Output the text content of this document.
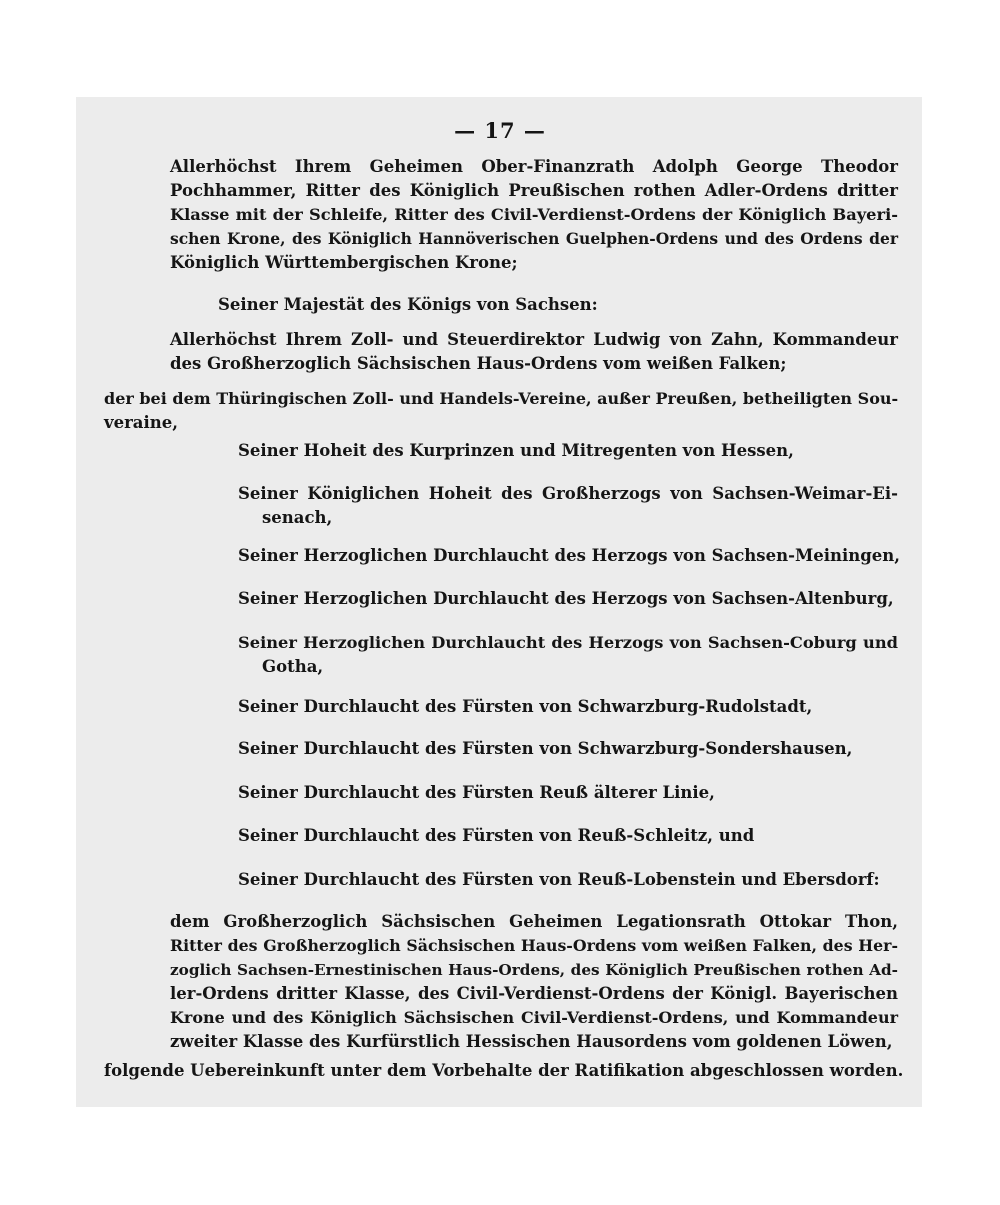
— 17 —
Allerhöchst Ihrem Geheimen Ober-Finanzrath Adolph George Theodor
Pochhammer, Ritter des Königlich Preußischen rothen Adler-Ordens dritter
Klasse mit der Schleife, Ritter des Civil-Verdienst-Ordens der Königlich Bayeri-
schen Krone, des Königlich Hannöverischen Guelphen-Ordens und des Ordens der
Königlich Württembergischen Krone;
Seiner Majestät des Königs von Sachsen:
Allerhöchst Ihrem Zoll- und Steuerdirektor Ludwig von Zahn, Kommandeur
des Großherzoglich Sächsischen Haus-Ordens vom weißen Falken;
der bei dem Thüringischen Zoll- und Handels-Vereine, außer Preußen, betheiligten Sou-
veraine,
Seiner Hoheit des Kurprinzen und Mitregenten von Hessen,
Seiner Königlichen Hoheit des Großherzogs von Sachsen-Weimar-Ei-
senach,
Seiner Herzoglichen Durchlaucht des Herzogs von Sachsen-Meiningen,
Seiner Herzoglichen Durchlaucht des Herzogs von Sachsen-Altenburg,
Seiner Herzoglichen Durchlaucht des Herzogs von Sachsen-Coburg und
Gotha,
Seiner Durchlaucht des Fürsten von Schwarzburg-Rudolstadt,
Seiner Durchlaucht des Fürsten von Schwarzburg-Sondershausen,
Seiner Durchlaucht des Fürsten Reuß älterer Linie,
Seiner Durchlaucht des Fürsten von Reuß-Schleitz, und
Seiner Durchlaucht des Fürsten von Reuß-Lobenstein und Ebersdorf:
dem Großherzoglich Sächsischen Geheimen Legationsrath Ottokar Thon,
Ritter des Großherzoglich Sächsischen Haus-Ordens vom weißen Falken, des Her-
zoglich Sachsen-Ernestinischen Haus-Ordens, des Königlich Preußischen rothen Ad-
ler-Ordens dritter Klasse, des Civil-Verdienst-Ordens der Königl. Bayerischen
Krone und des Königlich Sächsischen Civil-Verdienst-Ordens, und Kommandeur
zweiter Klasse des Kurfürstlich Hessischen Hausordens vom goldenen Löwen,
folgende Uebereinkunft unter dem Vorbehalte der Ratifikation abgeschlossen worden.
